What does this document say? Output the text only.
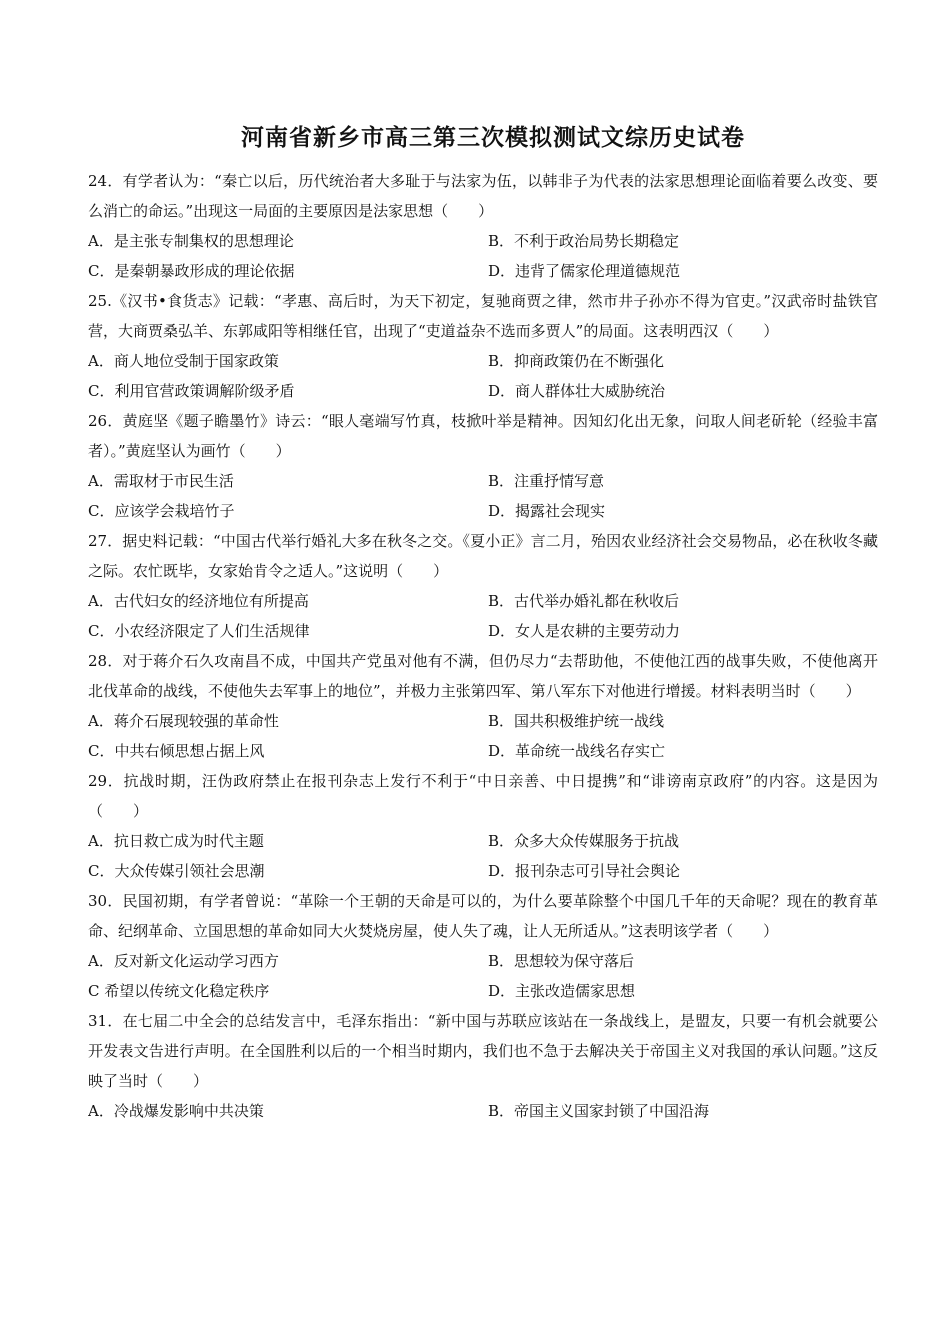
河南省新乡市高三第三次模拟测试文综历史试卷
24．有学者认为：“秦亡以后，历代统治者大多耻于与法家为伍，以韩非子为代表的法家思想理论面临着要么改变、要么消亡的命运。”出现这一局面的主要原因是法家思想（　　）
A．是主张专制集权的思想理论	B．不利于政治局势长期稳定
C．是秦朝暴政形成的理论依据	D．违背了儒家伦理道德规范
25.《汉书•食货志》记载：“孝惠、高后时，为天下初定，复驰商贾之律，然市井子孙亦不得为官吏。”汉武帝时盐铁官营，大商贾桑弘羊、东郭咸阳等相继任官，出现了“吏道益杂不选而多贾人”的局面。这表明西汉（　　）
A．商人地位受制于国家政策	B．抑商政策仍在不断强化
C．利用官营政策调解阶级矛盾	D．商人群体壮大威胁统治
26．黄庭坚《题子瞻墨竹》诗云：“眼人毫端写竹真，枝掀叶举是精神。因知幻化出无象，问取人间老斫轮（经验丰富者）。”黄庭坚认为画竹（　　）
A．需取材于市民生活	B．注重抒情写意
C．应该学会栽培竹子	D．揭露社会现实
27．据史料记载：“中国古代举行婚礼大多在秋冬之交。《夏小正》言二月，殆因农业经济社会交易物品，必在秋收冬藏之际。农忙既毕，女家始肯令之适人。”这说明（　　）
A．古代妇女的经济地位有所提高	B．古代举办婚礼都在秋收后
C．小农经济限定了人们生活规律	D．女人是农耕的主要劳动力
28．对于蒋介石久攻南昌不成，中国共产党虽对他有不满，但仍尽力“去帮助他，不使他江西的战事失败，不使他离开北伐革命的战线，不使他失去军事上的地位”，并极力主张第四军、第八军东下对他进行增援。材料表明当时（　　）
A．蒋介石展现较强的革命性	B．国共积极维护统一战线
C．中共右倾思想占据上风	D．革命统一战线名存实亡
29．抗战时期，汪伪政府禁止在报刊杂志上发行不利于“中日亲善、中日提携”和“诽谤南京政府”的内容。这是因为（　　）
A．抗日救亡成为时代主题	B．众多大众传媒服务于抗战
C．大众传媒引领社会思潮	D．报刊杂志可引导社会舆论
30．民国初期，有学者曾说：“革除一个王朝的天命是可以的，为什么要革除整个中国几千年的天命呢？现在的教育革命、纪纲革命、立国思想的革命如同大火焚烧房屋，使人失了魂，让人无所适从。”这表明该学者（　　）
A．反对新文化运动学习西方	B．思想较为保守落后
C 希望以传统文化稳定秩序	D．主张改造儒家思想
31．在七届二中全会的总结发言中，毛泽东指出：“新中国与苏联应该站在一条战线上，是盟友，只要一有机会就要公开发表文告进行声明。在全国胜利以后的一个相当时期内，我们也不急于去解决关于帝国主义对我国的承认问题。”这反映了当时（　　）
A．冷战爆发影响中共决策	B．帝国主义国家封锁了中国沿海
